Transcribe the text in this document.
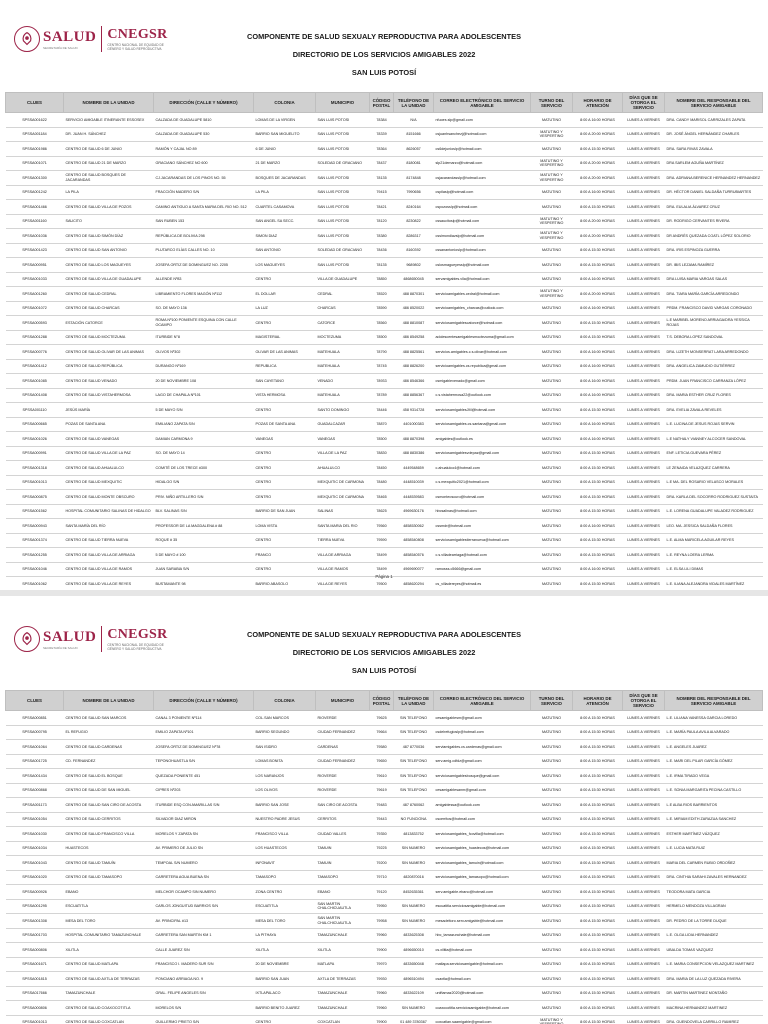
SALUD
SECRETARÍA DE SALUD
CNEGSR
CENTRO NACIONAL DE EQUIDAD DE GÉNERO Y SALUD REPRODUCTIVA
COMPONENTE DE SALUD SEXUALY REPRODUCTIVA PARA ADOLESCENTES
DIRECTORIO DE LOS SERVICIOS AMIGABLES 2022
SAN LUIS POTOSÍ
CLUES	NOMBRE DE LA UNIDAD	DIRECCIÓN (CALLE Y NÚMERO)	COLONIA	MUNICIPIO	CÓDIGO POSTAL	TELÉFONO DE LA UNIDAD	CORREO ELECTRÓNICO DEL SERVICIO AMIGABLE	TURNO DEL SERVICIO	HORARIO DE ATENCIÓN	DÍAS QUE SE OTORGA EL SERVICIO	NOMBRE DEL RESPONSABLE DEL SERVICIO AMIGABLE
SPSSA001622	SERVICIO AMIGABLE ITINERANTE ESSOSEX	CALZADA DE GUADALUPE 5810	LOMAS DE LA VIRGEN	SAN LUIS POTOSI	78384	N/A	nfuoes.slp@gmail.com	MATUTINO	8:00 A 16:00 HORAS	LUNES A VIERNES	DRA. CANDY MARISOL CARRIZALES ZAPATA
SPSSA001184	DR. JUAN H. SÁNCHEZ	CALZADA DE GUADALUPE 530	BARRIO SAN MIGUELITO	SAN LUIS POTOSI	78339	8151666	csjuanhsanchezj@hotmail.com	MATUTINO Y VESPERTINO	8:00 A 20:00 HORAS	LUNES A VIERNES	DR. JOSÉ ÁNGEL HERNÁNDEZ CHARLES
SPSSA001986	CENTRO DE SALUD 6 DE JUNIO	RAMÓN Y CAJAL NO 89	6 DE JUNIO	SAN LUIS POTOSI	78364	8626057	cs6dejunioslp@hotmail.com	MATUTINO	8:00 A 15:30 HORAS	LUNES A VIERNES	DRA. SARA RIVAS ZAVALA
SPSSA001071	CENTRO DE SALUD 21 DE MARZO	GRACIANO SÁNCHEZ NO 600	21 DE MARZO	SOLEDAD DE GRACIANO	78437	8180081	slp21demarzo@hotmail.com	MATUTINO Y VESPERTINO	8:00 A 20:00 HORAS	LUNES A VIERNES	DRA SARLEM AGUÑA MARTÍNEZ
SPSSA001300	CENTRO DE SALUD BOSQUES DE JACARANDAS	CJ.JACARANDAS DE LOS PINOS NO. 55	BOSQUES DE JACARANDAS	SAN LUIS POTOSI	78135	8174848	csjacarandasslp@hotmail.com	MATUTINO Y VESPERTINO	8:00 A 20:00 HORAS	LUNES A VIERNES	DRA. ADRIANA BERENICE HERNANDEZ HERNANDEZ
SPSSA001242	LA PILA	FRACCIÓN MADERO S/N	LA PILA	SAN LUIS POTOSI	79415	7990656	cspilaslp@hotmail.com	MATUTINO	8:00 A 16:00 HORAS	LUNES A VIERNES	DR. HÉCTOR DANIEL SALDAÑA TURRUBIARTES
SPSSA001466	CENTRO DE SALUD VILLA DE POZOS	CAMINO ANTIGUO A SANTA MARIA DEL RIO NO. 512	CUARTEL CASAMOVA	SAN LUIS POTOSI	78421	8240164	cspozosslp@hotmail.com	MATUTINO	8:00 A 15:30 HORAS	LUNES A VIERNES	DRA. EULALIA ÁLVAREZ CRUZ
SPSSA001160	SAUCITO	SAN RUBEN 153	SAN ANGEL SA SECC.	SAN LUIS POTOSI	78120	8230822	cssaucitoslp@hotmail.com	MATUTINO Y VESPERTINO	8:00 A 20:00 HORAS	LUNES A VIERNES	DR. RODRIGO CERVANTES RIVERA
SPSSA001036	CENTRO DE SALUD SIMÓN DÍAZ	REPÚBLICA DE BOLIVIA 298	SIMON DIAZ	SAN LUIS POTOSI	78380	8286317	cssimondiazslp@hotmail.com	MATUTINO Y VESPERTINO	8:00 A 20:00 HORAS	LUNES A VIERNES	DR ANDRÉS QUEZADA COATL LÓPEZ SOLORIO
SPSSA001423	CENTRO DE SALUD SAN ANTONIO	PLUTARCO ELÍAS CALLES NO. 10	SAN ANTONIO	SOLEDAD DE GRACIANO	78436	8160392	cssanantonioslp@hotmail.com	MATUTINO	8:00 A 15:30 HORAS	LUNES A VIERNES	DRA. IRIS ESPINOZA GUERRA
SPSSA000951	CENTRO DE SALUD LOS MAGUEYES	JOSEFA ORTIZ DE DOMINGUEZ NO. 2205	LOS MAGUEYES	SAN LUIS POTOSI	78135	9689802	cslosmagueyesslp@hotmail.com	MATUTINO	8:00 A 15:30 HORAS	LUNES A VIERNES	DR. IBIS LEZAMA RAMÍREZ
SPSSA001033	CENTRO DE SALUD VILLA DE GUADALUPE	ALLENDE Nº83	CENTRO	VILLA DE GUADALUPE	78850	4868650045	servamigables.vlla@hotmail.com	MATUTINO	8:00 A 16:00 HORAS	LUNES A VIERNES	DRA LUISA MARIA VARGAS SALAS
SPSSA001260	CENTRO DE SALUD CEDRAL	LIBRAMIENTO FLORES MAGÓN Nº112	EL DOLLAR	CEDRAL	78520	488 8870301	servicioamigables.cedral@hotmail.com	MATUTINO Y VESPERTINO	8:00 A 20:00 HORAS	LUNES A VIERNES	DRA. TIARA MARÍA GARCÍA ARREDONDO
SPSSA001072	CENTRO DE SALUD CHARCAS	SO. DE MAYO 136	LA LUZ	CHARCAS	78590	486 8520022	servicioamigables_charcas@outlook.com	MATUTINO	8:00 A 16:00 HORAS	LUNES A VIERNES	PRDM. FRANCISCO DAVID VARGAS CORONADO
SPSSA000593	ESTACIÓN CATORCE	ROMA Nº100 PONIENTE ESQUINA CON CALLE OCAMPO	CENTRO	CATORCE	78560	488 8810087	serviciosamigablescatorce@hotmail.com	MATUTINO	8:00 A 15:30 HORAS	LUNES A VIERNES	L.E MARIBEL MORENO ARRIAGA/DRA YESSICA ROJAS
SPSSA001288	CENTRO DE SALUD MOCTEZUMA	ITURBIDE N°8	MAGISTERIAL	MOCTEZUMA	78500	486 8549258	adolescentesamigablesmoctezuma@gmail.com	MATUTINO	8:00 A 15:30 HORAS	LUNES A VIERNES	T.S. DEBORA LOPEZ SANDOVAL
SPSSA000776	CENTRO DE SALUD OLIVAR DE LAS ANIMAS	OLIVOS Nº302	OLIVAR DE LAS ANIMAS	MATEHUALA	78790	488 8825561	servicios.amigables.c.s.olivar@hotmail.com	MATUTINO	8:00 A 16:00 HORAS	LUNES A VIERNES	DRA. LIZETH MONSERRAT LARA ARREDONDO
SPSSA001412	CENTRO DE SALUD REPÚBLICA	DURANGO Nº169	REPUBLICA	MATEHUALA	78745	488 8826200	servicioamigables.cs.republica@gmail.com	MATUTINO	8:00 A 16:00 HORAS	LUNES A VIERNES	DRA. ANGELICA ZAMUDIO GUTIÉRREZ
SPSSA001085	CENTRO DE SALUD VENADO	20 DE NOVIEMBRE 108	SAN CAYETANO	VENADO	78933	486 8546366	csmigablevenado@gmail.com	MATUTINO	8:00 A 16:00 HORAS	LUNES A VIERNES	PRDM. JUAN FRANCISCO CARRANZA LÓPEZ
SPSSA001408	CENTRO DE SALUD VISTAHERMOSA	LAGO DE CHAPALA Nº101	VISTA HERMOSA	MATEHUALA	78789	488 8856367	c.s.vistahermosa22@outlook.com	MATUTINO	8:00 A 16:00 HORAS	LUNES A VIERNES	DRA. MARIA ESTHER CRUZ FLORES
SPSSA001110	JESÚS MARÍA	5 DE MAYO S/N	CENTRO	SANTO DOMINGO	78446	458 9314728	serviciosamigablesJM@hotmail.com	MATUTINO	8:00 A 15:30 HORAS	LUNES A VIERNES	DRA. EVELIA ZAVALA REVELES
SPSSA000665	POZAS DE SANTA ANA	EMILIANO ZAPATA S/N	POZAS DE SANTA ANA	GUADALCAZAR	78870	4401000383	serviciosamigables.cs.santana@gmail.com	MATUTINO	8:00 A 16:00 HORAS	LUNES A VIERNES	L.E. LUCINA DE JESUS ROJAS SERVIN
SPSSA001026	CENTRO DE SALUD VANEGAS	DAMIAN CARMONA 9	VANEGAS	VANEGAS	78500	488 8870398	amigables@outlook.es	MATUTINO	8:00 A 16:00 HORAS	LUNES A VIERNES	L.E NATHALY VIANNEY ALCOCER SANDOVAL
SPSSA000991	CENTRO DE SALUD VILLA DE LA PAZ	SO. DE MAYO 14	CENTRO	VILLA DE LA PAZ	78830	488 8830386	serviciosamigablesvdepaz@gmail.com	MATUTINO	8:00 A 15:30 HORAS	LUNES A VIERNES	ENF. LETICIA GUEVARA PÉREZ
SPSSA001318	CENTRO DE SALUD AHUALULCO	COMITÉ DE LOS TRECE #300	CENTRO	AHUALULCO	78450	4449548659	c.ahualulco4@hotmail.com	MATUTINO	8:00 A 15:30 HORAS	LUNES A VIERNES	LE ZENAIDA VELAZQUEZ CARRERA
SPSSA001013	CENTRO DE SALUD MEXQUITIC	HIDALGO S/N	CENTRO	MEXQUITIC DE CARMONA	78480	4448510039	c.s.mexquitic2021@hotmail.com	MATUTINO	8:00 A 15:30 HORAS	LUNES A VIERNES	L.E MA. DEL ROSARIO VELASCO MORALES
SPSSA000875	CENTRO DE SALUD MONTE OBSCURO	PRIV. NIÑO ARTILLERO S/N	CENTRO	MEXQUITIC DE CARMONA	78465	4448539583	csmonteoscuro@hotmail.com	MATUTINO	8:00 A 15:30 HORAS	LUNES A VIERNES	DRA. KARLA DEL SOCORRO RODRIGUEZ SUSTAITA
SPSSA001562	HOSPITAL COMUNITARIO SALINAS DE HIDALGO	BLV. SALINAS S/N	BARRIO DE SAN JUAN	SALINAS	78625	4969630176	hbcsalinas@hotmail.com	MATUTINO	8:00 A 15:30 HORAS	LUNES A VIERNES	L.E. LORENA GUADALUPE VALADEZ RODRIGUEZ
SPSSA000943	SANTA MARÍA DEL RÍO	PROFESSOR DE LA MAGDALENA # 88	LOMA VISTA	SANTA MARIA DEL RIO	79560	4858530062	cssmdr@hotmail.com	MATUTINO	8:00 A 16:00 HORAS	LUNES A VIERNES	LEO. MA. JESSICA SALDAÑA FLORES
SPSSA001374	CENTRO DE SALUD TIERRA NUEVA	ROQUE # 35	CENTRO	TIERRA NUEVA	79590	4858540808	serviciosamigablestierranueva@hotmail.com	MATUTINO	8:00 A 15:30 HORAS	LUNES A VIERNES	L.E. ALMA MARICELA AGUILAR REYES
SPSSA001255	CENTRO DE SALUD VILLA DE ARRIAGA	5 DE MAYO # 100	FRANCO	VILLA DE ARRIAGA	78499	4858540576	c.s.villadearriaga@hotmail.com	MATUTINO	8:00 A 15:30 HORAS	LUNES A VIERNES	L.E. REYNA LOERA LERMA
SPSSA001046	CENTRO DE SALUD VILLA DE RAMOS	JUAN SARABIA S/N	CENTRO	VILLA DE RAMOS	78499	4969690077	ramosss.c5666@gmail.com	MATUTINO	8:00 A 16:00 HORAS	LUNES A VIERNES	L.E. ELSA LILI DIMAS
SPSSA001062	CENTRO DE SALUD VILLA DE REYES	BUSTAMANTE 98	BARRIO ABASOLO	VILLA DE REYES	79500	4858620294	cs_villadereyes@hotmail.es	MATUTINO	8:00 A 15:30 HORAS	LUNES A VIERNES	L.E. ILIANA ALEJANDRA VIDALES MARTÍNEZ

Página 1
SALUD
SECRETARÍA DE SALUD
CNEGSR
CENTRO NACIONAL DE EQUIDAD DE GÉNERO Y SALUD REPRODUCTIVA
COMPONENTE DE SALUD SEXUALY REPRODUCTIVA PARA ADOLESCENTES
DIRECTORIO DE LOS SERVICIOS AMIGABLES 2022
SAN LUIS POTOSÍ
CLUES	NOMBRE DE LA UNIDAD	DIRECCIÓN (CALLE Y NÚMERO)	COLONIA	MUNICIPIO	CÓDIGO POSTAL	TELÉFONO DE LA UNIDAD	CORREO ELECTRÓNICO DEL SERVICIO AMIGABLE	TURNO DEL SERVICIO	HORARIO DE ATENCIÓN	DÍAS QUE SE OTORGA EL SERVICIO	NOMBRE DEL RESPONSABLE DEL SERVICIO AMIGABLE
SPSSA000851	CENTRO DE SALUD SAN MARCOS	CANAL 3 PONIENTE Nº114	COL.SAN MARCOS	RIOVERDE	79625	SIN TELEFONO	cesamigablesm@gmail.com	MATUTINO	8:00 A 15:30 HORAS	LUNES A VIERNES	L.E. LILIANA VANESSA GARCIA LOREDO
SPSSA000795	EL REFUGIO	EMILIO ZAPATA Nº101	BARRIO SEGUNDO	CIUDAD FERNANDEZ	79664	SIN TELEFONO	csdelrefugioslp@hotmail.com	MATUTINO	8:00 A 15:30 HORAS	LUNES A VIERNES	L.E. MARÍA PAULA AVILA ALVARADO
SPSSA001064	CENTRO DE SALUD CARDENAS	JOSEFA ORTIZ DE DOMINGUEZ Nº78	SAN ISIDRO	CARDENAS	79580	487 8770036	serviamigables.cs.cardenas@gmail.com	MATUTINO	8:00 A 15:30 HORAS	LUNES A VIERNES	L.E. ANGELES JUAREZ
SPSSA001725	CD. FERNANDEZ	TEPONOHUASTLA S/N	LOMAS BONITA	CIUDAD FERNANDEZ	79650	SIN TELEFONO	serv.amig.cdfdz@gmail.com	MATUTINO	8:00 A 15:30 HORAS	LUNES A VIERNES	L.E. MARI DEL PILAR GARCÍA GÓMEZ
SPSSA001434	CENTRO DE SALUD EL BOSQUE	QUEZADA PONIENTE 451	LOS NARANJOS	RIOVERDE	79610	SIN TELEFONO	serviciosamigablesbosque@gmail.com	MATUTINO	8:00 A 15:30 HORAS	LUNES A VIERNES	L.E. IRMA TIRADO VEGA
SPSSA000868	CENTRO DE SALUD DE SAN MIGUEL	CIPRES Nº203	LOS OLIVOS	RIOVERDE	79619	SIN TELEFONO	cesamigablesanm@gmail.com	MATUTINO	8:00 A 15:30 HORAS	LUNES A VIERNES	L.E. SONIA MARGARITA PECINA CASTILLO
SPSSA001173	CENTRO DE SALUD SAN CIRO DE ACOSTA	ITURBIDE ESQ CON AMARILLAS S/N	BARRIO SAN JOSE	SAN CIRO DE ACOSTA	79483	487 8760062	amigablessa@outlook.com	MATUTINO	8:00 A 15:30 HORAS	LUNES A VIERNES	L.E ALBA RIOS BARRIENTOS
SPSSA001054	CENTRO DE SALUD CERRITOS	SILVADOR DIAZ MIRON	NUESTRO PADRE JESUS	CERRITOS	79443	NO FUNCIONA	cscerritos@hotmail.com	MATUTINO	8:00 A 15:30 HORAS	LUNES A VIERNES	L.E. MIRIAM EDITH ZARAZUA SANCHEZ
SPSSA001030	CENTRO DE SALUD FRANCISCO VILLA	MORELOS Y ZAPATA SN	FRANCISCO VILLA	CIUDAD VALLES	79350	4813833752	serviciosamigables_fcovilla@hotmail.com	MATUTINO	8:00 A 15:30 HORAS	LUNES A VIERNES	ESTHER MARTÍNEZ VÁZQUEZ
SPSSA001034	HUASTECOS	AV. PRIMERO DE JULIO SN	LOS HUASTECOS	TAMUIN	79225	SIN NUMERO	serviciosamigables_huastecos@hotmail.com	MATUTINO	8:00 A 15:30 HORAS	LUNES A VIERNES	L.E. LUCIA MATA RUIZ
SPSSA001043	CENTRO DE SALUD TAMUÍN	TEMPOAL S/N NUMERO	INFONAVIT	TAMUIN	79200	SIN NUMERO	serviciosamigables_tamuin@hotmail.com	MATUTINO	8:00 A 15:30 HORAS	LUNES A VIERNES	MARIA DEL CARMEN RUBIO ORDOÑEZ
SPSSA001020	CENTRO DE SALUD TAMASOPO	CARRETERA AGUA BUENA SN	TAMASOPO	TAMASOPO	79710	4820870016	serviciosamigables_tamasopo@hotmail.com	MATUTINO	8:00 A 15:30 HORAS	LUNES A VIERNES	DRA. CINTHIA SARAHI ZAVALES HERNANDEZ
SPSSA000926	EBANO	MELCHOR OCAMPO SIN NUMERO	ZONA CENTRO	EBANO	79120	8452635361	serv.amigable.ebano@hotmail.com	MATUTINO	8:00 A 15:30 HORAS	LUNES A VIERNES	TEODORA MATA GARCIA
SPSSA001295	ESCUATITLA	CARLOS JONGUITUD BARRIOS S/N	ESCUATITLA	SAN MARTIN CHALCHICUAUTLA	79950	SIN NUMERO	escuatitla.serviciosamigable@hotmail.com	MATUTINO	8:00 A 15:30 HORAS	LUNES A VIERNES	HERMELO MENDOZA VILLAGRAN
SPSSA001308	MESA DEL TORO	AV. PRINCIPAL #13	MESA DEL TORO	SAN MARTIN CHALCHICUAUTLA	79958	SIN NUMERO	mesadeltoro.serv.amigable@hotmail.com	MATUTINO	8:00 A 15:30 HORAS	LUNES A VIERNES	DR. PEDRO DE LA TORRE DUQUE
SPSSA001703	HOSPITAL COMUNITARIO TAMAZUNCHALE	CARRETERA SAN MARTIN KM 1	LA PITHAYA	TAMAZUNCHALE	79960	4833625308	hbc_tamazunchale@hotmail.com	MATUTINO	8:00 A 15:30 HORAS	LUNES A VIERNES	L.E. OLGA LIDIA HERNANDEZ
SPSSA000806	XILITLA	CALLE JUAREZ S/N	XILITLA	XILITLA	79900	4896650010	cs.xilitla@hotmail.com	MATUTINO	8:00 A 15:30 HORAS	LUNES A VIERNES	UBALDA TOMAS VAZQUEZ
SPSSA001671	CENTRO DE SALUD MATLAPA	FRANCISCO I. MADERO SUR S/N	20 DE NOVIEMBRE	MATLAPA	79970	4833650048	matlapa.serviciosamigable@hotmail.com	MATUTINO	8:00 A 15:30 HORAS	LUNES A VIERNES	L.E. MARIA CONSEPCION VELAZQUEZ MARTINEZ
SPSSA001815	CENTRO DE SALUD AXTLA DE TERRAZAS	PONCIANO ARRIAGA NO. 9	BARRIO SAN JUAN	AXTLA DE TERRAZAS	79930	4896510494	csaxtla@hotmail.com	MATUTINO	8:00 A 15:30 HORAS	LUNES A VIERNES	DRA. MARIA DE LA LUZ QUEZADA RIVERA
SPSSA017666	TAMAZUNCHALE	GRAL. FELIPE ANGELES S/N	IXTLAPALACO	TAMAZUNCHALE	79960	4833622109	uniftamaz2020@hotmail.com	MATUTINO	8:00 A 15:30 HORAS	LUNES A VIERNES	DR. MARTIN MARTINEZ MONTAÑO
SPSSA000806	CENTRO DE SALUD COAXOCOTITLA	MORELOS S/N	BARRIO BENITO JUAREZ	TAMAZUNCHALE	79960	SIN NUMERO	coaxocotitla.serviciosamigable@hotmail.com	MATUTINO	8:00 A 15:30 HORAS	LUNES A VIERNES	MACRINA HERNANDEZ MARTINEZ
SPSSA001013	CENTRO DE SALUD COXCATLAN	GUILLERMO PRIETO S/N	CENTRO	COXCATLAN	79900	01 489 3780367	coxcatlan.saamigable@gmail.com	MATUTINO Y	8:00 A 15:30 HORAS	LUNES A VIERNES	DRA. GUENDOVELA CARRILLO RAMIREZ
